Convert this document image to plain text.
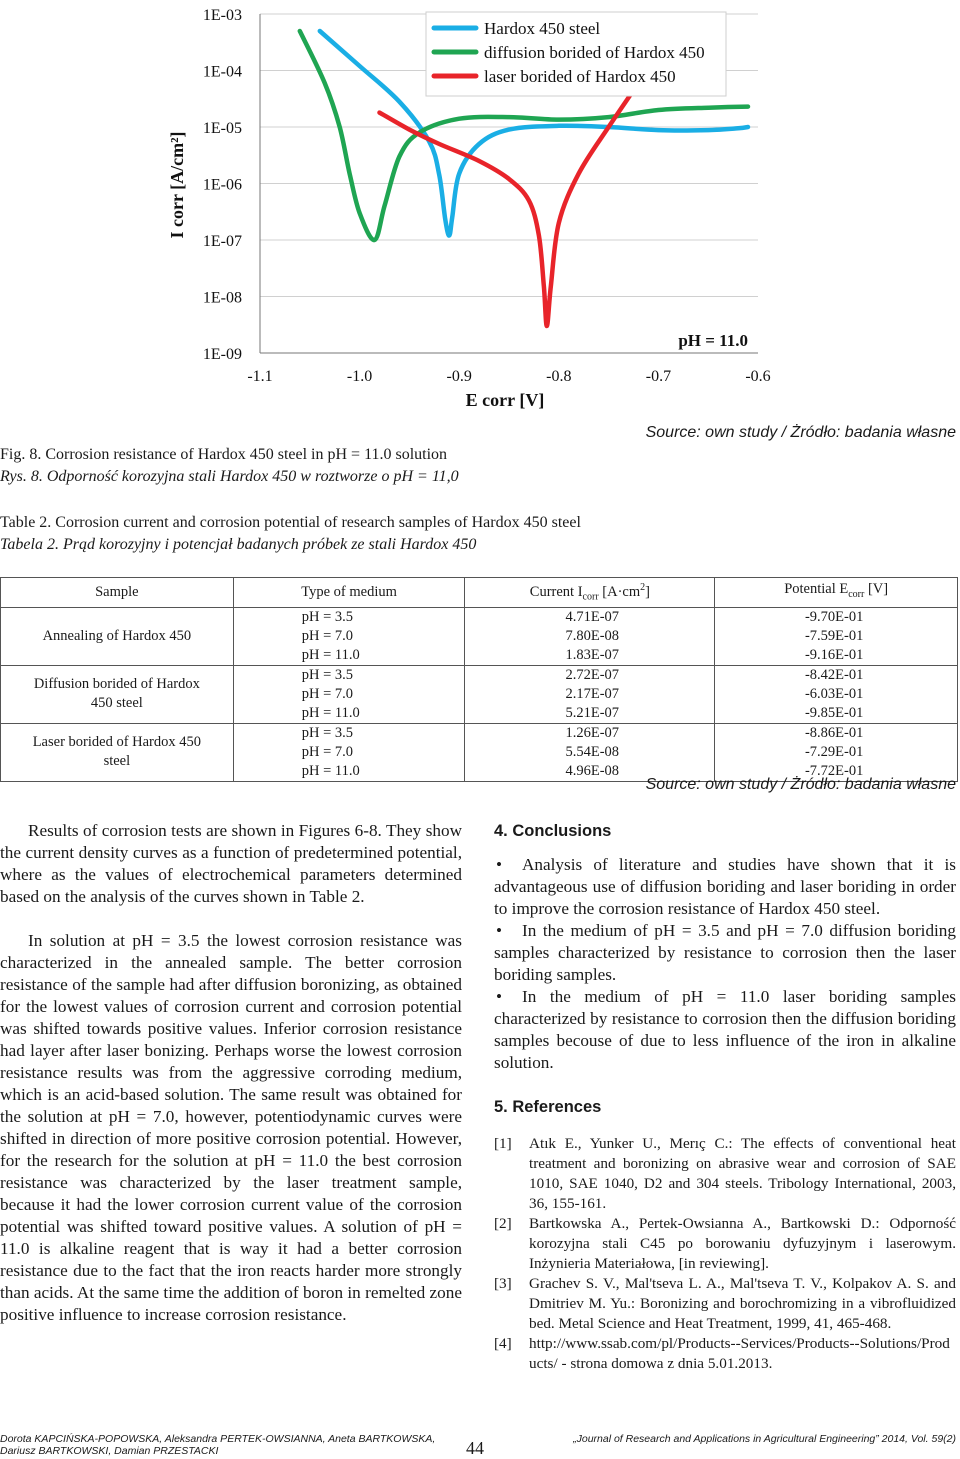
1E-03
1E-04
1E-05
1E-06
1E-07
1E-08
1E-09
-1.1	-1.0	-0.9	-0.8	-0.7	-0.6
I corr [A/cm²]
E corr [V]
pH = 11.0
Hardox 450 steel
diffusion borided of Hardox 450
laser borided of Hardox 450
Fig. 8. Corrosion resistance of Hardox 450 steel in pH = 11.0 solution
Rys. 8. Odporność korozyjna stali Hardox 450 w roztworze o pH = 11,0
Source: own study / Żródło: badania własne
Table 2. Corrosion current and corrosion potential of research samples of Hardox 450 steel
Tabela 2. Prąd korozyjny i potencjał badanych próbek ze stali Hardox 450
Sample	Type of medium	Current $I_{corr}$ $[A\cdot cm^2]$	Potential $E_{corr}$ [V]

Annealing of Hardox 450	pH = 3.5	4.71E-07	-9.70E-01
	pH = 7.0	7.80E-08	-7.59E-01
	pH = 11.0	1.83E-07	-9.16E-01

Diffusion borided of Hardox
450 steel	pH = 3.5	2.72E-07	-8.42E-01
	pH = 7.0	2.17E-07	-6.03E-01
	pH = 11.0	5.21E-07	-9.85E-01

Laser borided of Hardox 450
steel	pH = 3.5	1.26E-07	-8.86E-01
	pH = 7.0	5.54E-08	-7.29E-01
	pH = 11.0	4.96E-08	-7.72E-01
Source: own study / Żródło: badania własne

Results of corrosion tests are shown in Figures 6-8. They show the current density curves as a function of predetermined potential, where as the values of electrochemical parameters determined based on the analysis of the curves shown in Table 2.

In solution at pH = 3.5 the lowest corrosion resistance was characterized in the annealed sample. The better corrosion resistance of the sample had after diffusion boronizing, as obtained for the lowest values of corrosion current and corrosion potential was shifted towards positive values. Inferior corrosion resistance had layer after laser bonizing. Perhaps worse the lowest corrosion resistance results was from the aggressive corroding medium, which is an acid-based solution. The same result was obtained for the solution at pH = 7.0, however, potentiodynamic curves were shifted in direction of more positive corrosion potential. However, for the research for the solution at pH = 11.0 the best corrosion resistance was characterized by the laser treatment sample, because it had the lower corrosion current value of the corrosion potential was shifted toward positive values. A solution of pH = 11.0 is alkaline reagent that is way it had a better corrosion resistance due to the fact that the iron reacts harder more strongly than acids. At the same time the addition of boron in remelted zone positive influence to increase corrosion resistance.

4. Conclusions
• Analysis of literature and studies have shown that it is advantageous use of diffusion boriding and laser boriding in order to improve the corrosion resistance of Hardox 450 steel.
• In the medium of pH = 3.5 and pH = 7.0 diffusion boriding samples characterized by resistance to corrosion then the laser boriding samples.
• In the medium of pH = 11.0 laser boriding samples characterized by resistance to corrosion then the diffusion boriding samples becouse of due to less influence of the iron in alkaline solution.
5. References
[1] Atık E., Yunker U., Merıç C.: The effects of conventional heat treatment and boronizing on abrasive wear and corrosion of SAE 1010, SAE 1040, D2 and 304 steels. Tribology International, 2003, 36, 155-161.
[2] Bartkowska A., Pertek-Owsianna A., Bartkowski D.: Odporność korozyjna stali C45 po borowaniu dyfuzyjnym i laserowym. Inżynieria Materiałowa, [in reviewing].
[3] Grachev S. V., Mal'tseva L. A., Mal'tseva T. V., Kolpakov A. S. and Dmitriev M. Yu.: Boronizing and borochromizing in a vibrofluidized bed. Metal Science and Heat Treatment, 1999, 41, 465-468.
[4] http://www.ssab.com/pl/Products--Services/Products--Solutions/Products/ - strona domowa z dnia 5.01.2013.
Dorota KAPCIŃSKA-POPOWSKA, Aleksandra PERTEK-OWSIANNA, Aneta BARTKOWSKA,
Dariusz BARTKOWSKI, Damian PRZESTACKI	44	„Journal of Research and Applications in Agricultural Engineering” 2014, Vol. 59(2)
